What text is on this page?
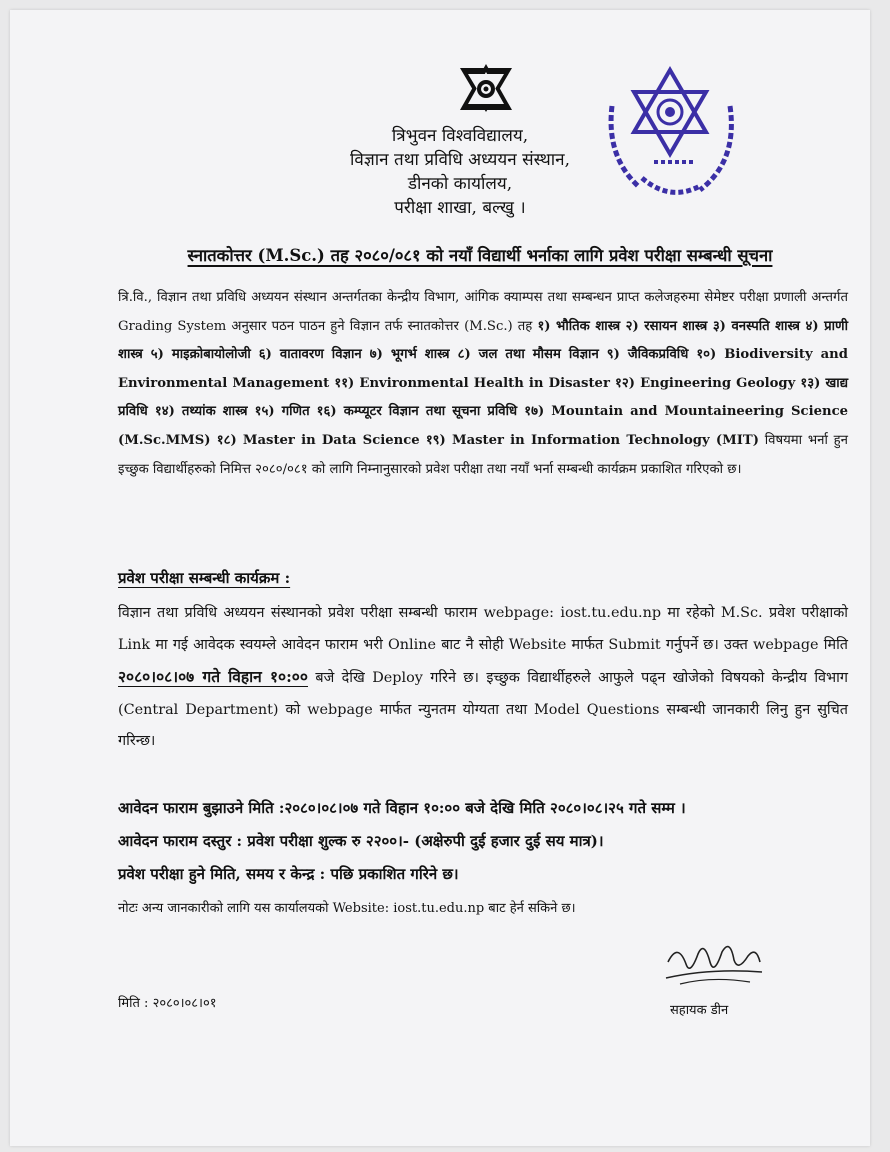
त्रिभुवन विश्वविद्यालय,
विज्ञान तथा प्रविधि अध्ययन संस्थान,
डीनको कार्यालय,
परीक्षा शाखा, बल्खु ।
स्नातकोत्तर (M.Sc.) तह २०८०/०८१ को नयाँ विद्यार्थी भर्नाका लागि प्रवेश परीक्षा सम्बन्धी सूचना
त्रि.वि., विज्ञान तथा प्रविधि अध्ययन संस्थान अन्तर्गतका केन्द्रीय विभाग, आंगिक क्याम्पस तथा सम्बन्धन प्राप्त कलेजहरुमा सेमेष्टर परीक्षा प्रणाली अन्तर्गत Grading System अनुसार पठन पाठन हुने विज्ञान तर्फ स्नातकोत्तर (M.Sc.) तह १) भौतिक शास्त्र २) रसायन शास्त्र ३) वनस्पति शास्त्र ४) प्राणी शास्त्र ५) माइक्रोबायोलोजी ६) वातावरण विज्ञान ७) भूगर्भ शास्त्र ८) जल तथा मौसम विज्ञान ९) जैविकप्रविधि १०) Biodiversity and Environmental Management ११) Environmental Health in Disaster १२) Engineering Geology १३) खाद्य प्रविधि १४) तथ्यांक शास्त्र १५) गणित १६) कम्प्यूटर विज्ञान तथा सूचना प्रविधि १७) Mountain and Mountaineering Science (M.Sc.MMS) १८) Master in Data Science १९) Master in Information Technology (MIT) विषयमा भर्ना हुन इच्छुक विद्यार्थीहरुको निमित्त २०८०/०८१ को लागि निम्नानुसारको प्रवेश परीक्षा तथा नयाँ भर्ना सम्बन्धी कार्यक्रम प्रकाशित गरिएको छ।
प्रवेश परीक्षा सम्बन्धी कार्यक्रम :
विज्ञान तथा प्रविधि अध्ययन संस्थानको प्रवेश परीक्षा सम्बन्धी फाराम webpage: iost.tu.edu.np मा रहेको M.Sc. प्रवेश परीक्षाको Link मा गई आवेदक स्वयम्ले आवेदन फाराम भरी Online बाट नै सोही Website मार्फत Submit गर्नुपर्ने छ। उक्त webpage मिति २०८०।०८।०७ गते विहान १०:०० बजे देखि Deploy गरिने छ। इच्छुक विद्यार्थीहरुले आफुले पढ्न खोजेको विषयको केन्द्रीय विभाग (Central Department) को webpage मार्फत न्युनतम योग्यता तथा Model Questions सम्बन्धी जानकारी लिनु हुन सुचित गरिन्छ।
आवेदन फाराम बुझाउने मिति :२०८०।०८।०७ गते विहान १०:०० बजे देखि मिति २०८०।०८।२५ गते सम्म ।
आवेदन फाराम दस्तुर : प्रवेश परीक्षा शुल्क रु २२००।- (अक्षेरुपी दुई हजार दुई सय मात्र)।
प्रवेश परीक्षा हुने मिति, समय र केन्द्र : पछि प्रकाशित गरिने छ।
नोटः अन्य जानकारीको लागि यस कार्यालयको Website: iost.tu.edu.np बाट हेर्न सकिने छ।
मिति : २०८०।०८।०१	सहायक डीन
